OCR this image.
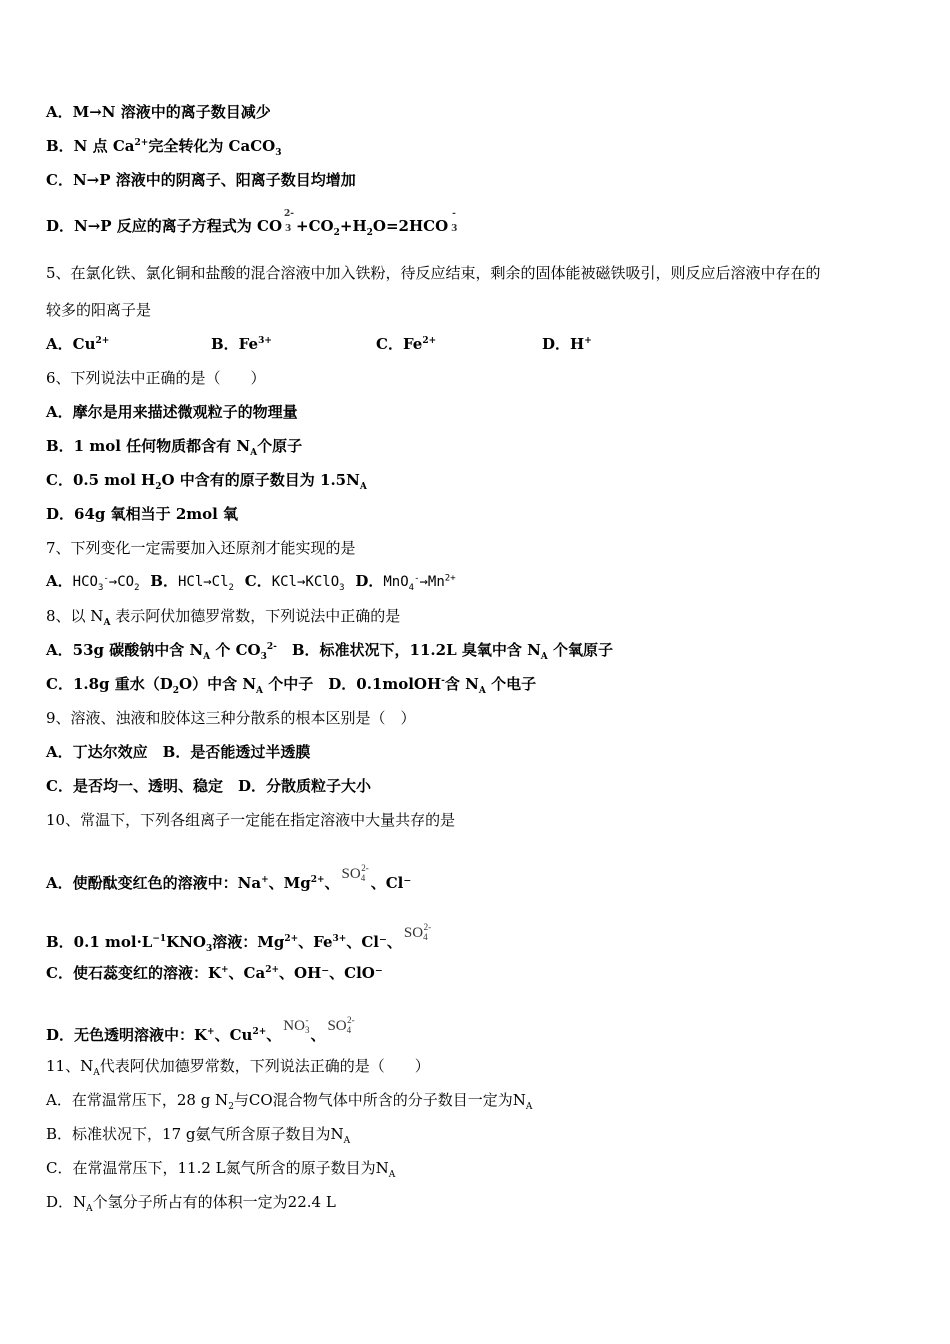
A．M→N 溶液中的离子数目减少
B．N 点 $Ca^{2+}$完全转化为 CaCO$_3$
C．N→P 溶液中的阴离子、阳离子数目均增加
D．N→P 反应的离子方程式为 CO
2-
$3 +CO_2+H_2O=2HCO$
-
3
5、在氯化铁、氯化铜和盐酸的混合溶液中加入铁粉，待反应结束，剩余的固体能被磁铁吸引，则反应后溶液中存在的
较多的阳离子是
A．$Cu^{2+}$	B．$Fe^{3+}$	C．$Fe^{2+}$	D．H+
6、下列说法中正确的是（　　）
A．摩尔是用来描述微观粒子的物理量
B．1 mol 任何物质都含有 $N_A$个原子
C．0.5 mol $H_2O$ 中含有的原子数目为 $1.5N_A$
D．64g 氧相当于 2mol 氧
7、下列变化一定需要加入还原剂才能实现的是
A．$HCO_3^-\to CO_2$ B．$HCl\to Cl_2$ C．KCl→KClO$_3$ D．$MnO_4^-\to Mn^{2+}$
8、以 $N_A$ 表示阿伏加德罗常数，下列说法中正确的是
A．53g 碳酸钠中含 $N_A$ 个 $CO_3^{2-}$　B．标准状况下，11.2L 臭氧中含 $N_A$ 个氧原子
C．1.8g 重水$(D_2O)$中含 $N_A$ 个中子　D．0.1molOH-含 $N_A$ 个电子
9、溶液、浊液和胶体这三种分散系的根本区别是（　）
A．丁达尔效应　B．是否能透过半透膜
C．是否均一、透明、稳定　D．分散质粒子大小
10、常温下，下列各组离子一定能在指定溶液中大量共存的是
A．使酚酞变红色的溶液中：Na+、$Mg^{2+}$、 $SO_4^{2-}$、Cl⁻
B．0.1 $mol\cdot L^{-1}KNO_3$溶液：$Mg^{2+}$、$Fe^{3+}$、Cl⁻、 $SO_4^{2-}$
C．使石蕊变红的溶液：K+、$Ca^{2+}$、OH⁻、ClO⁻
D．无色透明溶液中：K+、$Cu^{2+}$、 $NO_3^-$、 $SO_4^{2-}$
11、$N_A$代表阿伏加德罗常数，下列说法正确的是（　　）
A．在常温常压下，28 g $N_2$与CO混合物气体中所含的分子数目一定为$N_A$
B．标准状况下，17 g氨气所含原子数目为$N_A$
C．在常温常压下，11.2 L氮气所含的原子数目为$N_A$
D．$N_A$个氢分子所占有的体积一定为22.4 L
